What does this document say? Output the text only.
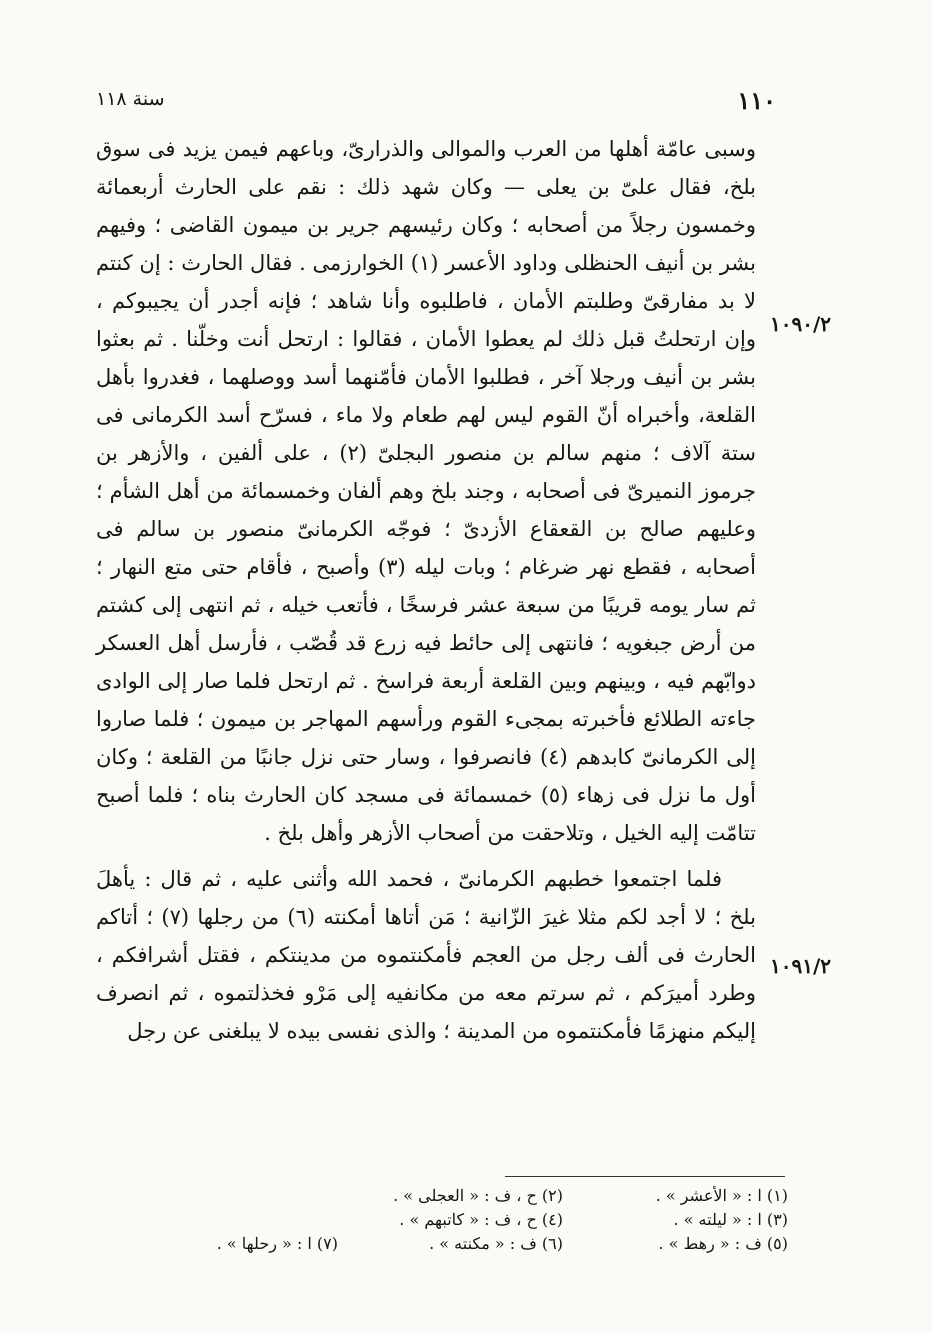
١١٠
سنة ١١٨
١٠٩٠/٢
١٠٩١/٢

وسبى عامّة أهلها من العرب والموالى والذرارىّ، وباعهم فيمن يزيد فى سوق بلخ، فقال علىّ بن يعلى — وكان شهد ذلك : نقم على الحارث أربعمائة وخمسون رجلاً من أصحابه ؛ وكان رئيسهم جرير بن ميمون القاضى ؛ وفيهم بشر بن أنيف الحنظلى وداود الأعسر (١) الخوارزمى . فقال الحارث : إن كنتم لا بد مفارقىّ وطلبتم الأمان ، فاطلبوه وأنا شاهد ؛ فإنه أجدر أن يجيبوكم ، وإن ارتحلتُ قبل ذلك لم يعطوا الأمان ، فقالوا : ارتحل أنت وخلّنا . ثم بعثوا بشر بن أنيف ورجلا آخر ، فطلبوا الأمان فأمّنهما أسد ووصلهما ، فغدروا بأهل القلعة، وأخبراه أنّ القوم ليس لهم طعام ولا ماء ، فسرّح أسد الكرمانى فى ستة آلاف ؛ منهم سالم بن منصور البجلىّ (٢) ، على ألفين ، والأزهر بن جرموز النميرىّ فى أصحابه ، وجند بلخ وهم ألفان وخمسمائة من أهل الشأم ؛ وعليهم صالح بن القعقاع الأزدىّ ؛ فوجّه الكرمانىّ منصور بن سالم فى أصحابه ، فقطع نهر ضرغام ؛ وبات ليله (٣) وأصبح ، فأقام حتى متع النهار ؛ ثم سار يومه قريبًا من سبعة عشر فرسخًا ، فأتعب خيله ، ثم انتهى إلى كشتم من أرض جبغويه ؛ فانتهى إلى حائط فيه زرع قد قُصّب ، فأرسل أهل العسكر دوابّهم فيه ، وبينهم وبين القلعة أربعة فراسخ . ثم ارتحل فلما صار إلى الوادى جاءته الطلائع فأخبرته بمجىء القوم ورأسهم المهاجر بن ميمون ؛ فلما صاروا إلى الكرمانىّ كابدهم (٤) فانصرفوا ، وسار حتى نزل جانبًا من القلعة ؛ وكان أول ما نزل فى زهاء (٥) خمسمائة فى مسجد كان الحارث بناه ؛ فلما أصبح تتامّت إليه الخيل ، وتلاحقت من أصحاب الأزهر وأهل بلخ .

فلما اجتمعوا خطبهم الكرمانىّ ، فحمد الله وأثنى عليه ، ثم قال : يأهلَ بلخ ؛ لا أجد لكم مثلا غيرَ الزّانية ؛ مَن أتاها أمكنته (٦) من رجلها (٧) ؛ أتاكم الحارث فى ألف رجل من العجم فأمكنتموه من مدينتكم ، فقتل أشرافكم ، وطرد أميرَكم ، ثم سرتم معه من مكانفيه إلى مَرْو فخذلتموه ، ثم انصرف إليكم منهزمًا فأمكنتموه من المدينة ؛ والذى نفسى بيده لا يبلغنى عن رجل

(١) ا : « الأعشر » .
(٢) ح ، ف : « العجلى » .
(٣) ا : « ليلته » .
(٤) ح ، ف : « كاتبهم » .
(٥) ف : « رهط » .
(٦) ف : « مكنته » .
(٧) ا : « رحلها » .
